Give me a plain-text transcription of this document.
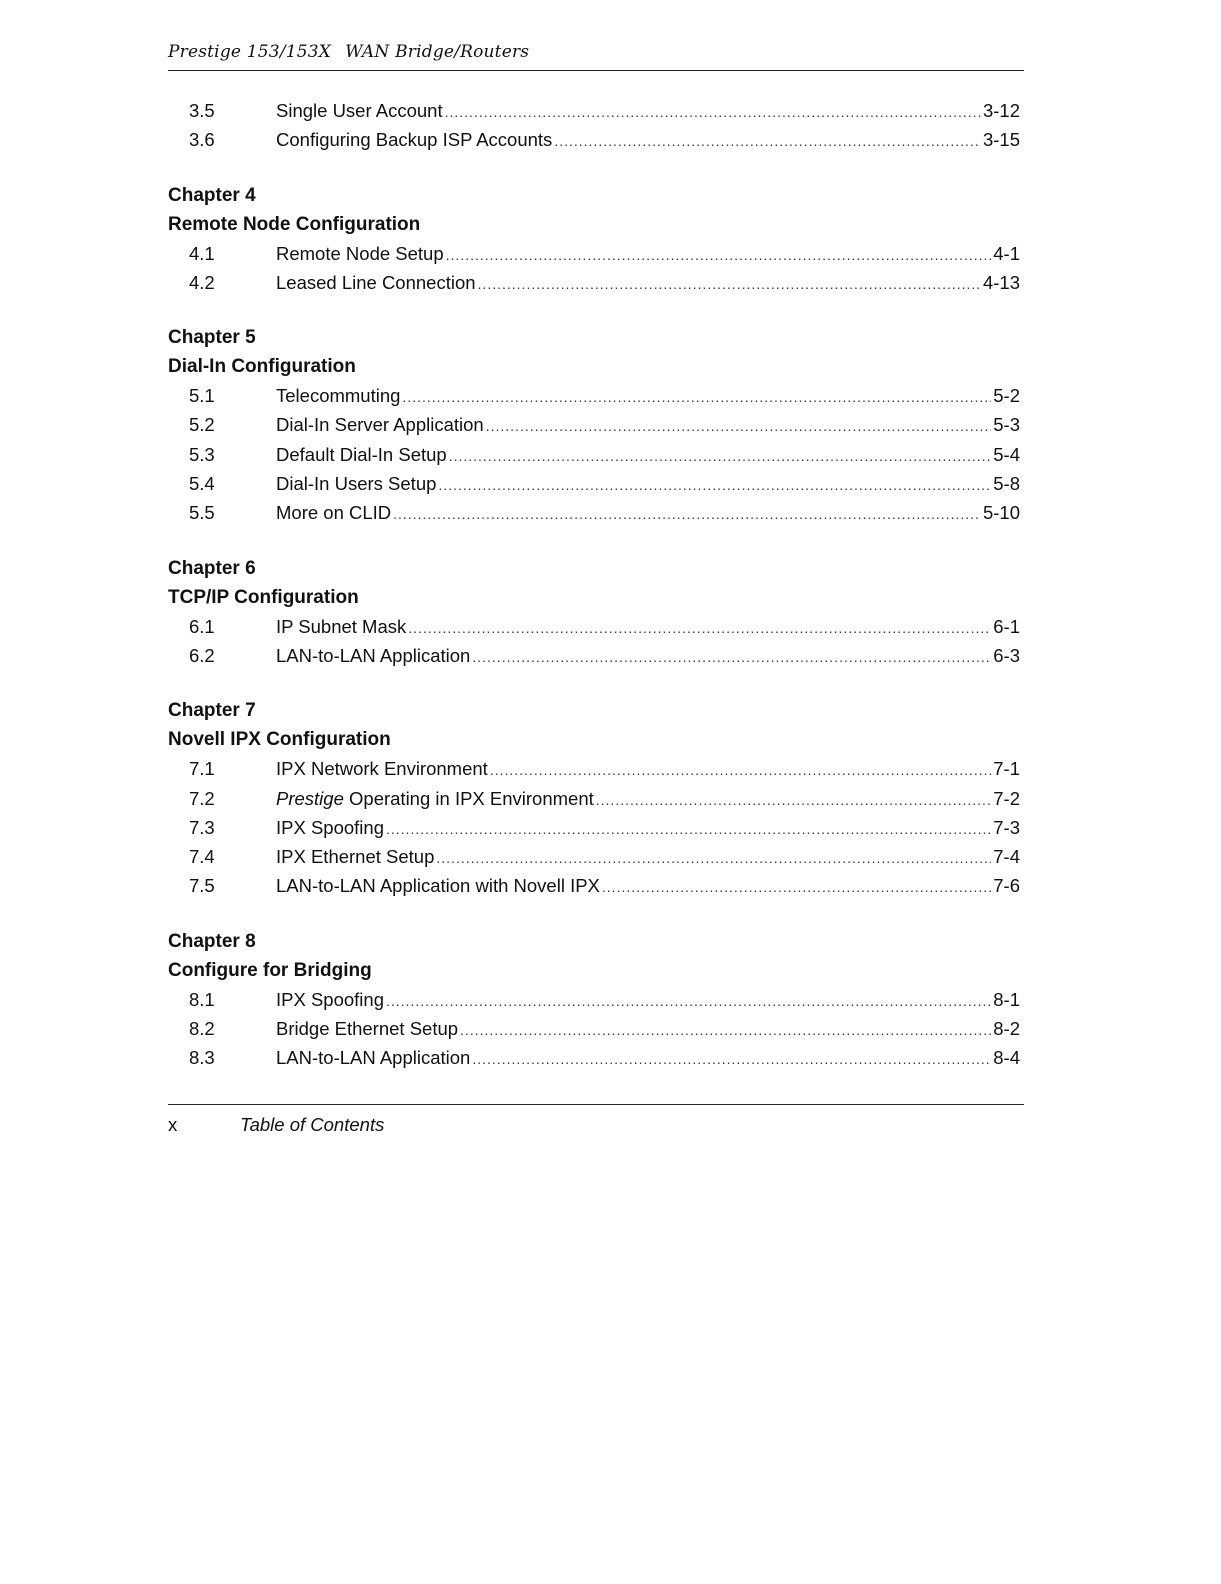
Prestige 153/153X WAN Bridge/Routers
3.5	Single User Account .....	3-12
3.6	Configuring Backup ISP Accounts .....	3-15
Chapter 4
Remote Node Configuration
4.1	Remote Node Setup .....	4-1
4.2	Leased Line Connection .....	4-13
Chapter 5
Dial-In Configuration
5.1	Telecommuting .....	5-2
5.2	Dial-In Server Application .....	5-3
5.3	Default Dial-In Setup .....	5-4
5.4	Dial-In Users Setup .....	5-8
5.5	More on CLID .....	5-10
Chapter 6
TCP/IP Configuration
6.1	IP Subnet Mask .....	6-1
6.2	LAN-to-LAN Application .....	6-3
Chapter 7
Novell IPX Configuration
7.1	IPX Network Environment .....	7-1
7.2	Prestige Operating in IPX Environment .....	7-2
7.3	IPX Spoofing .....	7-3
7.4	IPX Ethernet Setup .....	7-4
7.5	LAN-to-LAN Application with Novell IPX .....	7-6
Chapter 8
Configure for Bridging
8.1	IPX Spoofing .....	8-1
8.2	Bridge Ethernet Setup .....	8-2
8.3	LAN-to-LAN Application .....	8-4
x	Table of Contents
